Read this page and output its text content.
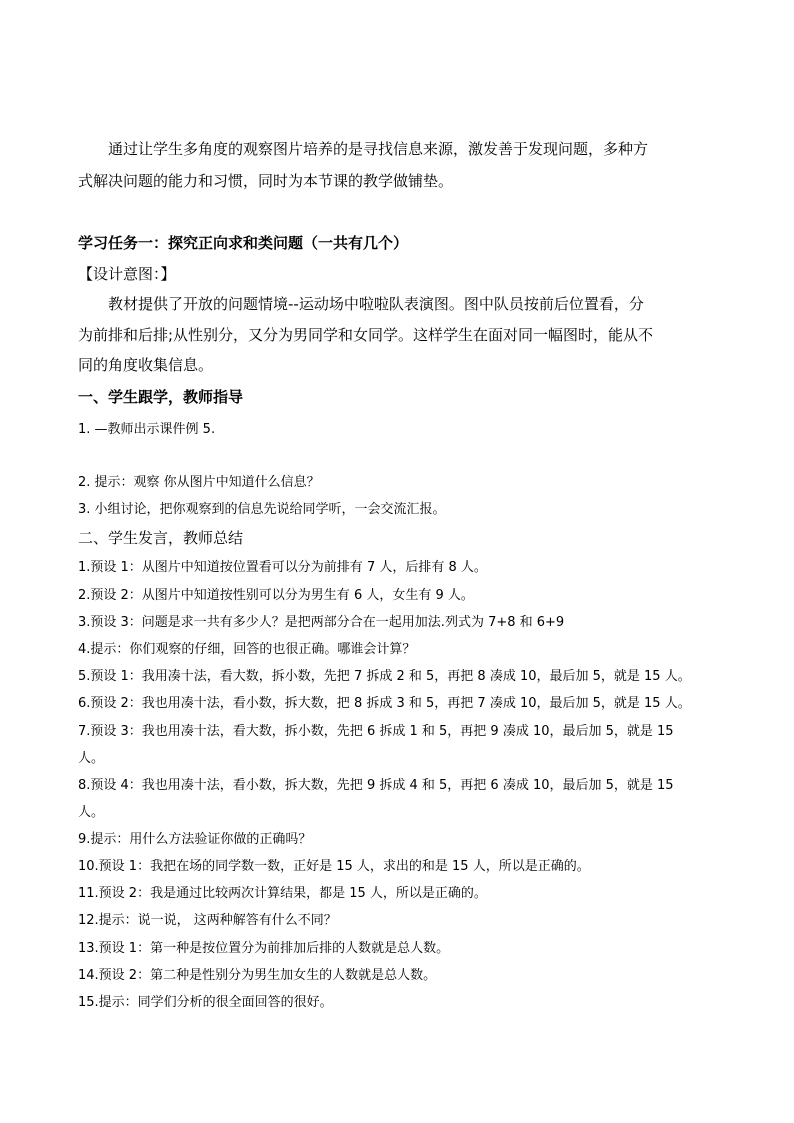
通过让学生多角度的观察图片培养的是寻找信息来源，激发善于发现问题，多种方
式解决问题的能力和习惯，同时为本节课的教学做铺垫。
学习任务一：探究正向求和类问题（一共有几个）
【设计意图：】
教材提供了开放的问题情境--运动场中啦啦队表演图。图中队员按前后位置看，分
为前排和后排;从性别分，又分为男同学和女同学。这样学生在面对同一幅图时，能从不
同的角度收集信息。
一、学生跟学，教师指导
1. —教师出示课件例 5.
2. 提示：观察 你从图片中知道什么信息？
3. 小组讨论，把你观察到的信息先说给同学听，一会交流汇报。
二、学生发言，教师总结
1.预设 1：从图片中知道按位置看可以分为前排有 7 人，后排有 8 人。
2.预设 2：从图片中知道按性别可以分为男生有 6 人，女生有 9 人。
3.预设 3：问题是求一共有多少人？是把两部分合在一起用加法.列式为 7+8 和 6+9
4.提示：你们观察的仔细，回答的也很正确。哪谁会计算？
5.预设 1：我用凑十法，看大数，拆小数，先把 7 拆成 2 和 5，再把 8 凑成 10，最后加 5，就是 15 人。
6.预设 2：我也用凑十法，看小数，拆大数，把 8 拆成 3 和 5，再把 7 凑成 10，最后加 5，就是 15 人。
7.预设 3：我也用凑十法，看大数，拆小数，先把 6 拆成 1 和 5，再把 9 凑成 10，最后加 5，就是 15
人。
8.预设 4：我也用凑十法，看小数，拆大数，先把 9 拆成 4 和 5，再把 6 凑成 10，最后加 5，就是 15
人。
9.提示：用什么方法验证你做的正确吗？
10.预设 1：我把在场的同学数一数，正好是 15 人，求出的和是 15 人，所以是正确的。
11.预设 2：我是通过比较两次计算结果，都是 15 人，所以是正确的。
12.提示：说一说， 这两种解答有什么不同？
13.预设 1：第一种是按位置分为前排加后排的人数就是总人数。
14.预设 2：第二种是性别分为男生加女生的人数就是总人数。
15.提示：同学们分析的很全面回答的很好。
